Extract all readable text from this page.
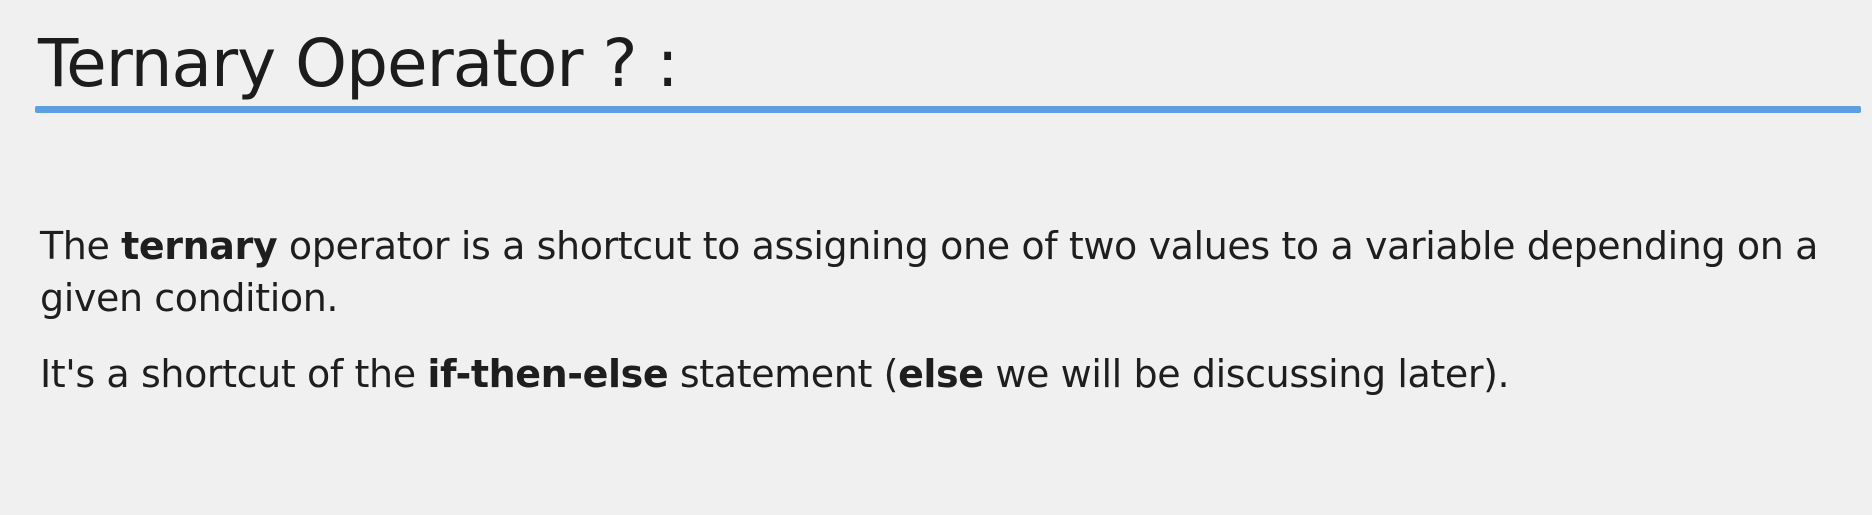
Ternary Operator ? :

The ternary operator is a shortcut to assigning one of two values to a variable depending on a given condition.

It's a shortcut of the if-then-else statement (else we will be discussing later).
